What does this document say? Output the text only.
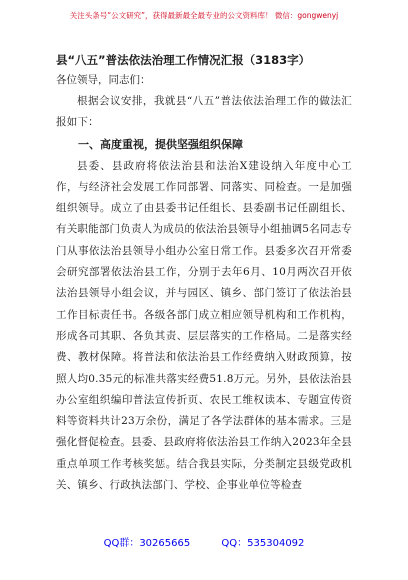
关注头条号“公文研究”，获得最新最全最专业的公文资料库！ 微信：gongwenyj

县“八五”普法依法治理工作情况汇报（3183字）

各位领导，同志们：

根据会议安排，我就县“八五”普法依法治理工作的做法汇报如下：

一、高度重视，提供坚强组织保障

县委、县政府将依法治县和法治X建设纳入年度中心工作，与经济社会发展工作同部署、同落实、同检查。一是加强组织领导。成立了由县委书记任组长、县委副书记任副组长、有关职能部门负责人为成员的依法治县领导小组抽调5名同志专门从事依法治县领导小组办公室日常工作。县委多次召开常委会研究部署依法治县工作，分别于去年6月、10月两次召开依法治县领导小组会议，并与园区、镇乡、部门签订了依法治县工作目标责任书。各级各部门成立相应领导机构和工作机构，形成各司其职、各负其责、层层落实的工作格局。二是落实经费、教材保障。将普法和依法治县工作经费纳入财政预算，按照人均0.35元的标准共落实经费51.8万元。另外，县依法治县办公室组织编印普法宣传折页、农民工维权读本、专题宣传资料等资料共计23万余份，满足了各学法群体的基本需求。三是强化督促检查。县委、县政府将依法治县工作纳入2023年全县重点单项工作考核奖惩。结合我县实际，分类制定县级党政机关、镇乡、行政执法部门、学校、企事业单位等检查

QQ群：30265665	QQ：535304092
